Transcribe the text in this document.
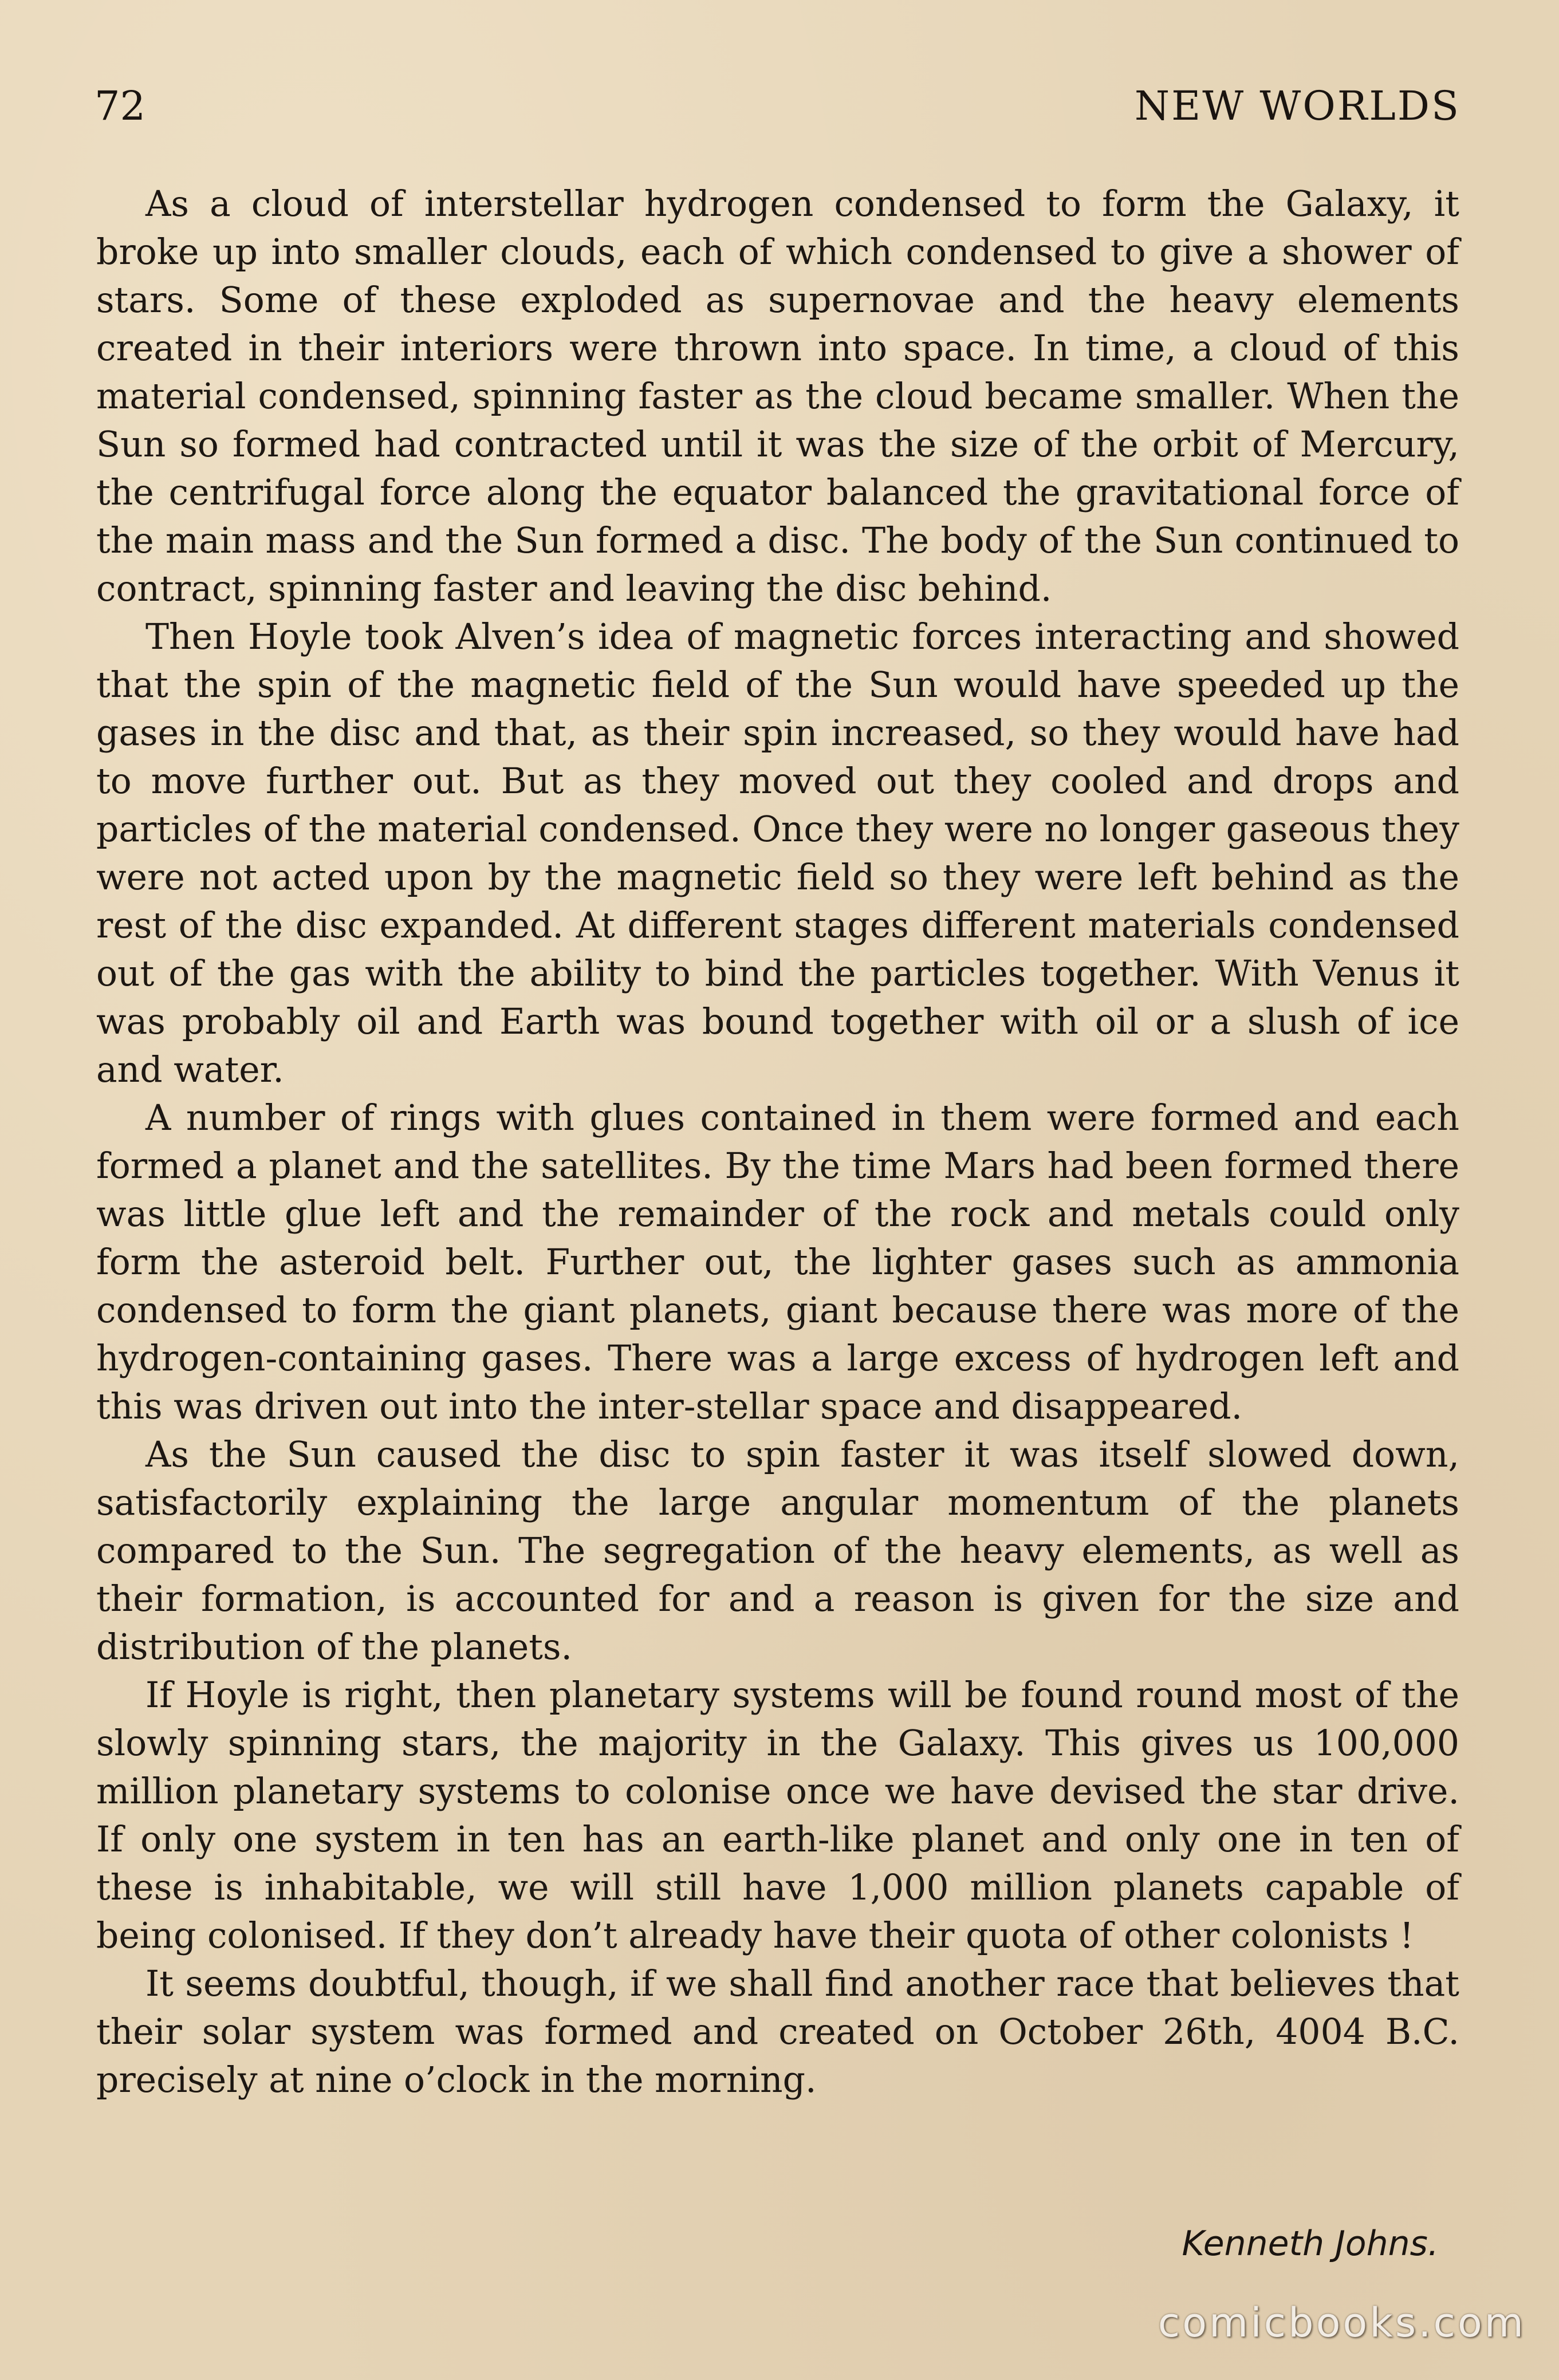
72	NEW WORLDS

As a cloud of interstellar hydrogen condensed to form the Galaxy, it broke up into smaller clouds, each of which condensed to give a shower of stars. Some of these exploded as supernovae and the heavy elements created in their interiors were thrown into space. In time, a cloud of this material condensed, spinning faster as the cloud became smaller. When the Sun so formed had contracted until it was the size of the orbit of Mercury, the centrifugal force along the equator balanced the gravitational force of the main mass and the Sun formed a disc. The body of the Sun continued to contract, spinning faster and leaving the disc behind.

Then Hoyle took Alven’s idea of magnetic forces interacting and showed that the spin of the magnetic field of the Sun would have speeded up the gases in the disc and that, as their spin increased, so they would have had to move further out. But as they moved out they cooled and drops and particles of the material condensed. Once they were no longer gaseous they were not acted upon by the magnetic field so they were left behind as the rest of the disc expanded. At different stages different materials condensed out of the gas with the ability to bind the particles together. With Venus it was probably oil and Earth was bound together with oil or a slush of ice and water.

A number of rings with glues contained in them were formed and each formed a planet and the satellites. By the time Mars had been formed there was little glue left and the remainder of the rock and metals could only form the asteroid belt. Further out, the lighter gases such as ammonia condensed to form the giant planets, giant because there was more of the hydrogen-containing gases. There was a large excess of hydrogen left and this was driven out into the inter-stellar space and disappeared.

As the Sun caused the disc to spin faster it was itself slowed down, satisfactorily explaining the large angular momentum of the planets compared to the Sun. The segregation of the heavy elements, as well as their formation, is accounted for and a reason is given for the size and distribution of the planets.

If Hoyle is right, then planetary systems will be found round most of the slowly spinning stars, the majority in the Galaxy. This gives us 100,000 million planetary systems to colonise once we have devised the star drive. If only one system in ten has an earth-like planet and only one in ten of these is inhabitable, we will still have 1,000 million planets capable of being colonised. If they don’t already have their quota of other colonists !

It seems doubtful, though, if we shall find another race that believes that their solar system was formed and created on October 26th, 4004 B.C. precisely at nine o’clock in the morning.

Kenneth Johns.
comicbooks.com
